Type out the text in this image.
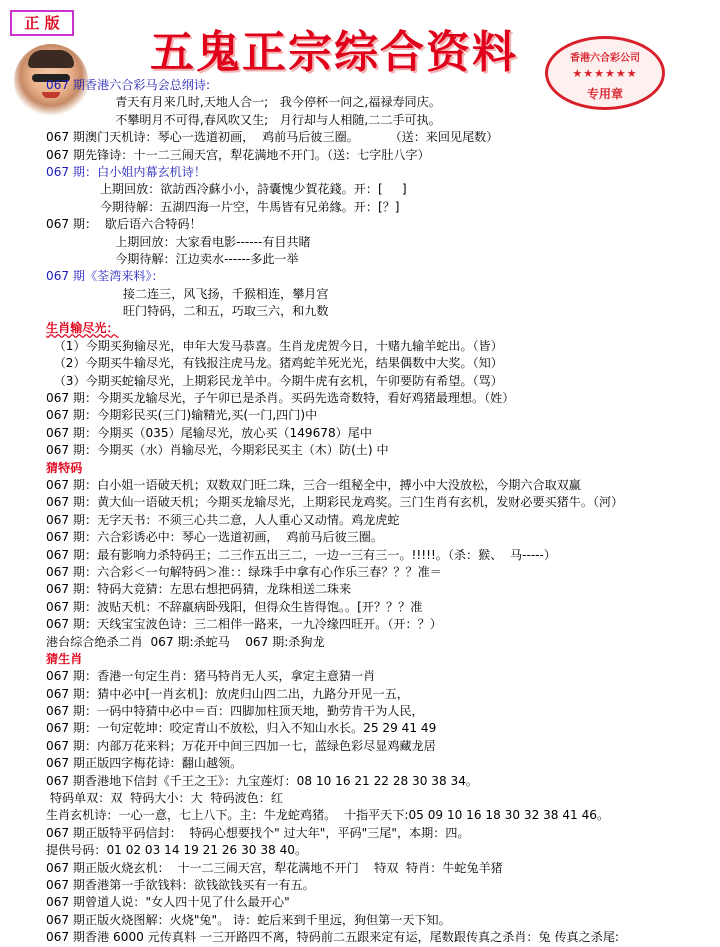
正 版
五鬼正宗综合资料	香港六合彩公司
★★★★★★
专用章
067 期香港六合彩马会总纲诗:
青天有月来几时,天地人合一;   我今停杯一问之,福禄寿同庆。
不攀明月不可得,春风吹又生;   月行却与人相随,二二手可执。
067 期澳门天机诗：琴心一选道初画，  鸡前马后彼三圈。        （送：来回见尾数）
067 期先锋诗：十一二三闹天宫，犁花满地不开门。（送：七字肚八字）
067 期：白小姐内幕玄机诗！
上期回放：欲訪西冷蘇小小，詩囊愧少賀花錢。开：[     ]
今期待解：五湖四海一片空，牛馬皆有兄弟緣。开：[？]
067 期：  歇后语六合特码！
上期回放：大家看电影------有目共睹
今期待解：江边卖水------多此一举
067 期《荃湾来料》：
接二连三，风飞扬，千猴相连，攀月宫
旺门特码，二和五，巧取三六，和九数
生肖输尽光：
（1）今期买狗输尽光，申年大发马恭喜。生肖龙虎贺今日，十赌九输羊蛇出。（皆）
（2）今期买牛输尽光，有钱报注虎马龙。猪鸡蛇羊死光光，结果偶数中大奖。（知）
（3）今期买蛇输尽光，上期彩民龙羊中。今期牛虎有玄机，午卯要防有希望。（骂）
067 期：今期买龙输尽光，子午卯已是杀肖。买码先选奇数特，看好鸡猪最理想。（姓）
067 期：今期彩民买(三门)输精光,买(一门,四门)中
067 期：今期买（035）尾输尽光，放心买（149678）尾中
067 期：今期买（水）肖输尽光，今期彩民买主（木）防(土) 中
猜特码
067 期：白小姐一语破天机；双数双门旺二珠，三合一组秘全中，搏小中大没放松，今期六合取双赢
067 期：黄大仙一语破天机；今期买龙输尽光，上期彩民龙鸡奖。三门生肖有玄机，发财必要买猪牛。（河）
067 期：无字天书：不须三心共二意，人人重心又动情。鸡龙虎蛇
067 期：六合彩诱必中：琴心一选道初画，  鸡前马后彼三圈。
067 期：最有影响力杀特码王；二三作五出三二，一边一三有三一。!!!!!。（杀：猴、  马-----）
067 期：六合彩＜一句解特码＞准：：绿珠手中拿有心作乐三春？？？准＝
067 期：特码大竞猜：左思右想把码猜，龙珠相送二珠来
067 期：波贴天机：不辞羸病卧残阳，但得众生皆得饱。。[开？？？准
067 期：天线宝宝波色诗：三二相伴一路来，一九冷缘四旺开。（开：？）
港台综合绝杀二肖  067 期:杀蛇马    067 期:杀狗龙
猜生肖
067 期：香港一句定生肖：猪马特肖无人买，拿定主意猜一肖
067 期：猜中必中[一肖玄机]：放虎归山四二出，九路分开见一五，
067 期：一码中特猜中必中＝百：四脚加柱顶天地，勤劳肯干为人民，
067 期：一句定乾坤：咬定青山不放松，归入不知山水长。25 29 41 49
067 期：内部万花来料；万花开中间三四加一七，蓝绿色彩尽显鸡藏龙居
067 期正版四字梅花诗：翻山越领。
067 期香港地下信封《千王之王》：九宝莲灯：08 10 16 21 22 28 30 38 34。
特码单双：双  特码大小：大  特码波色：红
生肖玄机诗：一心一意，七上八下。主：牛龙蛇鸡猪。  十指平天下:05 09 10 16 18 30 32 38 41 46。
067 期正版特平码信封：  特码心想要找个" 过大年"，平码"三尾"，本期：四。
提供号码：01 02 03 14 19 21 26 30 38 40。
067 期正版火烧玄机：  十一二三闹天宫，犁花满地不开门    特双  特肖：牛蛇兔羊猪
067 期香港第一手欲钱料：欲钱欲钱买有一有五。
067 期曾道人说："女人四十见了什么最开心"
067 期正版火烧图解：火烧"兔"。 诗：蛇后来到千里远，狗但第一天下知。
067 期香港 6000 元传真料 一三开路四不离，特码前二五跟来定有运，尾数跟传真之杀肖：兔 传真之杀尾:
